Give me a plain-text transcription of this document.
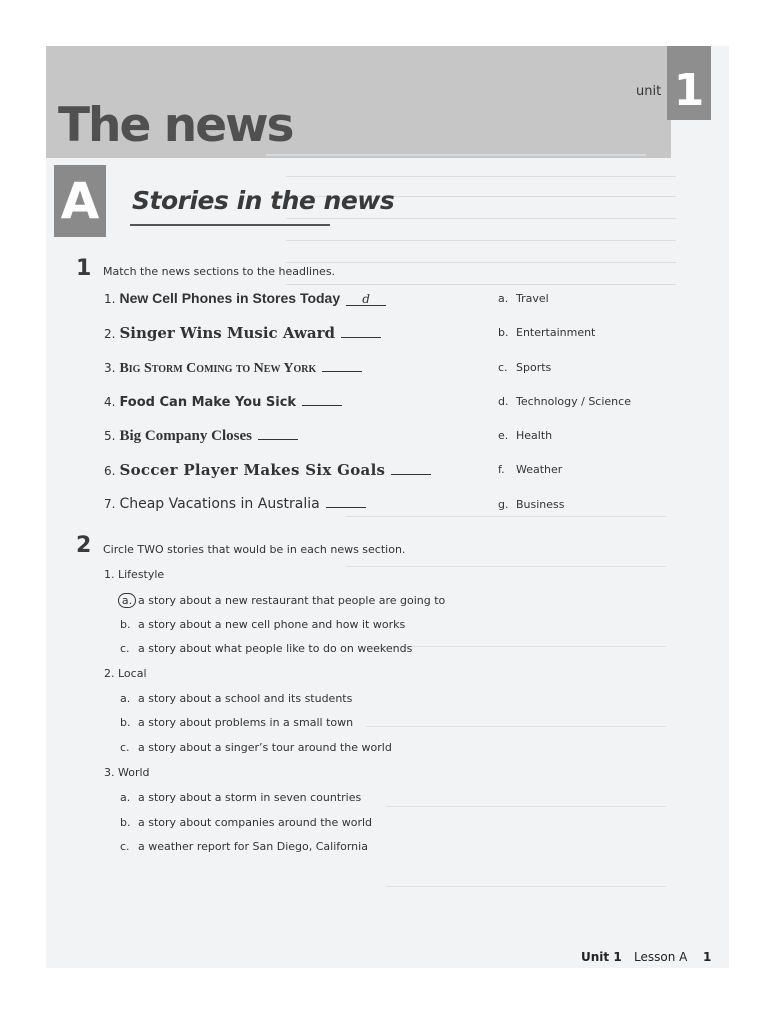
1
unit
The news
A Stories in the news
1 Match the news sections to the headlines.
1. New Cell Phones in Stores Today d
2. Singer Wins Music Award
3. Big Storm Coming to New York
4. Food Can Make You Sick
5. Big Company Closes
6. Soccer Player Makes Six Goals
7. Cheap Vacations in Australia
a. Travel
b. Entertainment
c. Sports
d. Technology / Science
e. Health
f. Weather
g. Business
2 Circle TWO stories that would be in each news section.
1. Lifestyle
a. a story about a new restaurant that people are going to
b. a story about a new cell phone and how it works
c. a story about what people like to do on weekends
2. Local
a. a story about a school and its students
b. a story about problems in a small town
c. a story about a singer’s tour around the world
3. World
a. a story about a storm in seven countries
b. a story about companies around the world
c. a weather report for San Diego, California
Unit 1 Lesson A 1
